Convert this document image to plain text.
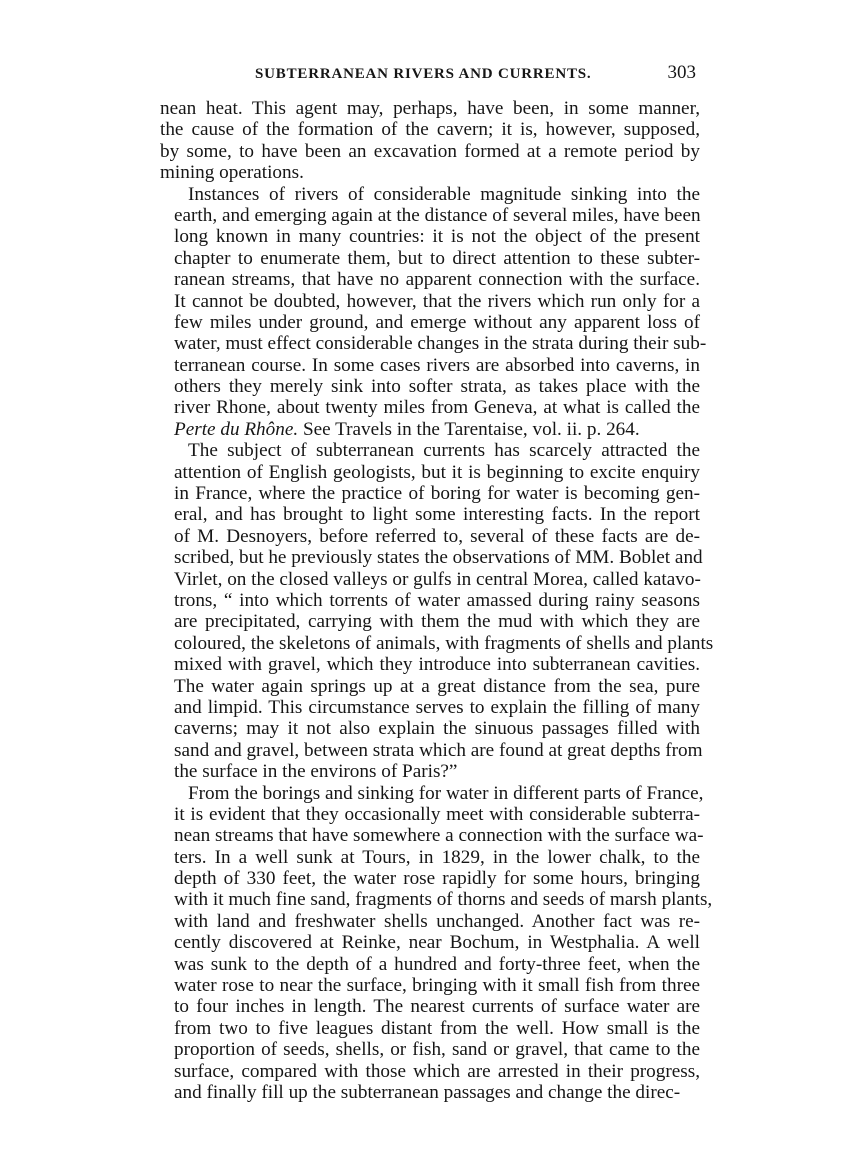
SUBTERRANEAN RIVERS AND CURRENTS.	303
nean heat. This agent may, perhaps, have been, in some manner,
the cause of the formation of the cavern; it is, however, supposed,
by some, to have been an excavation formed at a remote period by
mining operations.
Instances of rivers of considerable magnitude sinking into the
earth, and emerging again at the distance of several miles, have been
long known in many countries: it is not the object of the present
chapter to enumerate them, but to direct attention to these subter-
ranean streams, that have no apparent connection with the surface.
It cannot be doubted, however, that the rivers which run only for a
few miles under ground, and emerge without any apparent loss of
water, must effect considerable changes in the strata during their sub-
terranean course. In some cases rivers are absorbed into caverns, in
others they merely sink into softer strata, as takes place with the
river Rhone, about twenty miles from Geneva, at what is called the
Perte du Rhône. See Travels in the Tarentaise, vol. ii. p. 264.
The subject of subterranean currents has scarcely attracted the
attention of English geologists, but it is beginning to excite enquiry
in France, where the practice of boring for water is becoming gen-
eral, and has brought to light some interesting facts. In the report
of M. Desnoyers, before referred to, several of these facts are de-
scribed, but he previously states the observations of MM. Boblet and
Virlet, on the closed valleys or gulfs in central Morea, called katavo-
trons, “ into which torrents of water amassed during rainy seasons
are precipitated, carrying with them the mud with which they are
coloured, the skeletons of animals, with fragments of shells and plants
mixed with gravel, which they introduce into subterranean cavities.
The water again springs up at a great distance from the sea, pure
and limpid. This circumstance serves to explain the filling of many
caverns; may it not also explain the sinuous passages filled with
sand and gravel, between strata which are found at great depths from
the surface in the environs of Paris?”
From the borings and sinking for water in different parts of France,
it is evident that they occasionally meet with considerable subterra-
nean streams that have somewhere a connection with the surface wa-
ters. In a well sunk at Tours, in 1829, in the lower chalk, to the
depth of 330 feet, the water rose rapidly for some hours, bringing
with it much fine sand, fragments of thorns and seeds of marsh plants,
with land and freshwater shells unchanged. Another fact was re-
cently discovered at Reinke, near Bochum, in Westphalia. A well
was sunk to the depth of a hundred and forty-three feet, when the
water rose to near the surface, bringing with it small fish from three
to four inches in length. The nearest currents of surface water are
from two to five leagues distant from the well. How small is the
proportion of seeds, shells, or fish, sand or gravel, that came to the
surface, compared with those which are arrested in their progress,
and finally fill up the subterranean passages and change the direc-
